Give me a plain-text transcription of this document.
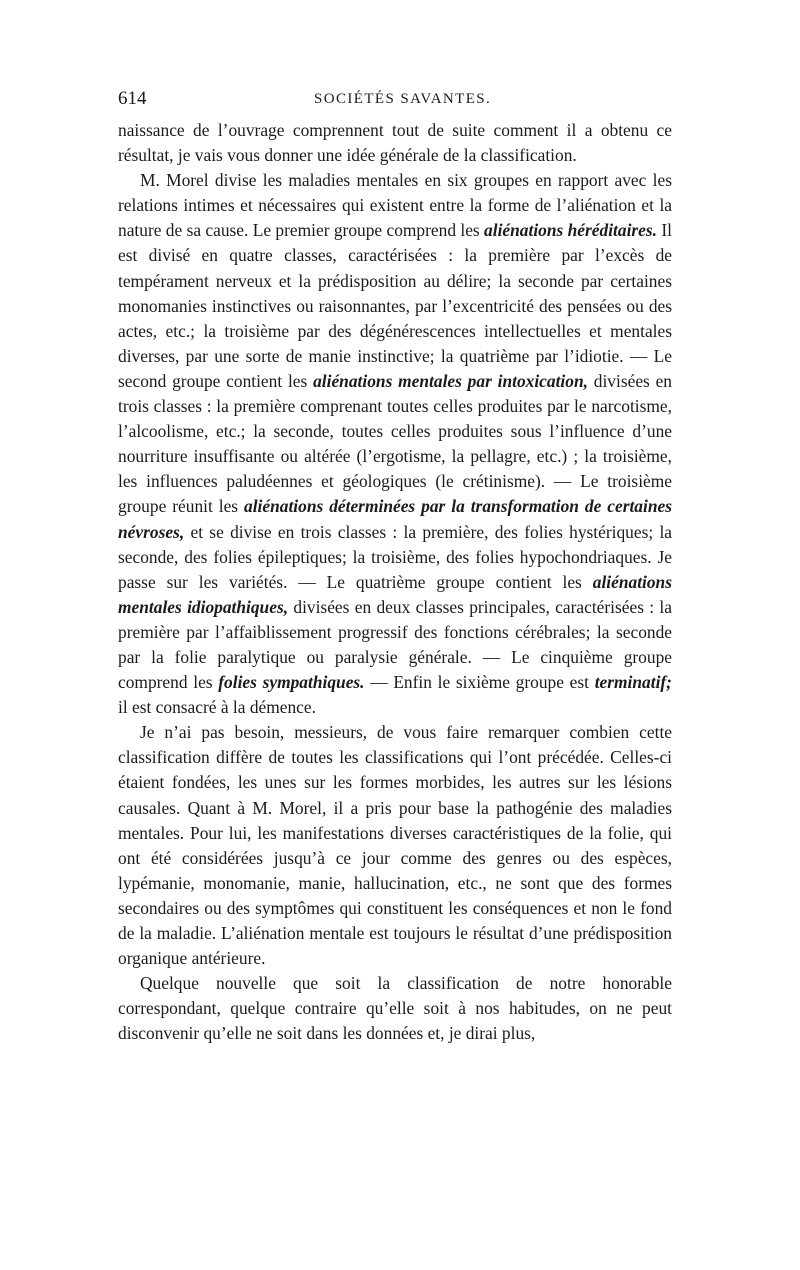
614	SOCIÉTÉS SAVANTES.

naissance de l’ouvrage comprennent tout de suite comment il a obtenu ce résultat, je vais vous donner une idée générale de la classification.

M. Morel divise les maladies mentales en six groupes en rapport avec les relations intimes et nécessaires qui existent entre la forme de l’aliénation et la nature de sa cause. Le premier groupe comprend les aliénations héréditaires. Il est divisé en quatre classes, caractérisées : la première par l’excès de tempérament nerveux et la prédisposition au délire; la seconde par certaines monomanies instinctives ou raisonnantes, par l’excentricité des pensées ou des actes, etc.; la troisième par des dégénérescences intellectuelles et mentales diverses, par une sorte de manie instinctive; la quatrième par l’idiotie. — Le second groupe contient les aliénations mentales par intoxication, divisées en trois classes : la première comprenant toutes celles produites par le narcotisme, l’alcoolisme, etc.; la seconde, toutes celles produites sous l’influence d’une nourriture insuffisante ou altérée (l’ergotisme, la pellagre, etc.) ; la troisième, les influences paludéennes et géologiques (le crétinisme). — Le troisième groupe réunit les aliénations déterminées par la transformation de certaines névroses, et se divise en trois classes : la première, des folies hystériques; la seconde, des folies épileptiques; la troisième, des folies hypochondriaques. Je passe sur les variétés. — Le quatrième groupe contient les aliénations mentales idiopathiques, divisées en deux classes principales, caractérisées : la première par l’affaiblissement progressif des fonctions cérébrales; la seconde par la folie paralytique ou paralysie générale. — Le cinquième groupe comprend les folies sympathiques. — Enfin le sixième groupe est terminatif; il est consacré à la démence.

Je n’ai pas besoin, messieurs, de vous faire remarquer combien cette classification diffère de toutes les classifications qui l’ont précédée. Celles-ci étaient fondées, les unes sur les formes morbides, les autres sur les lésions causales. Quant à M. Morel, il a pris pour base la pathogénie des maladies mentales. Pour lui, les manifestations diverses caractéristiques de la folie, qui ont été considérées jusqu’à ce jour comme des genres ou des espèces, lypémanie, monomanie, manie, hallucination, etc., ne sont que des formes secondaires ou des symptômes qui constituent les conséquences et non le fond de la maladie. L’aliénation mentale est toujours le résultat d’une prédisposition organique antérieure.

Quelque nouvelle que soit la classification de notre honorable correspondant, quelque contraire qu’elle soit à nos habitudes, on ne peut disconvenir qu’elle ne soit dans les données et, je dirai plus,
